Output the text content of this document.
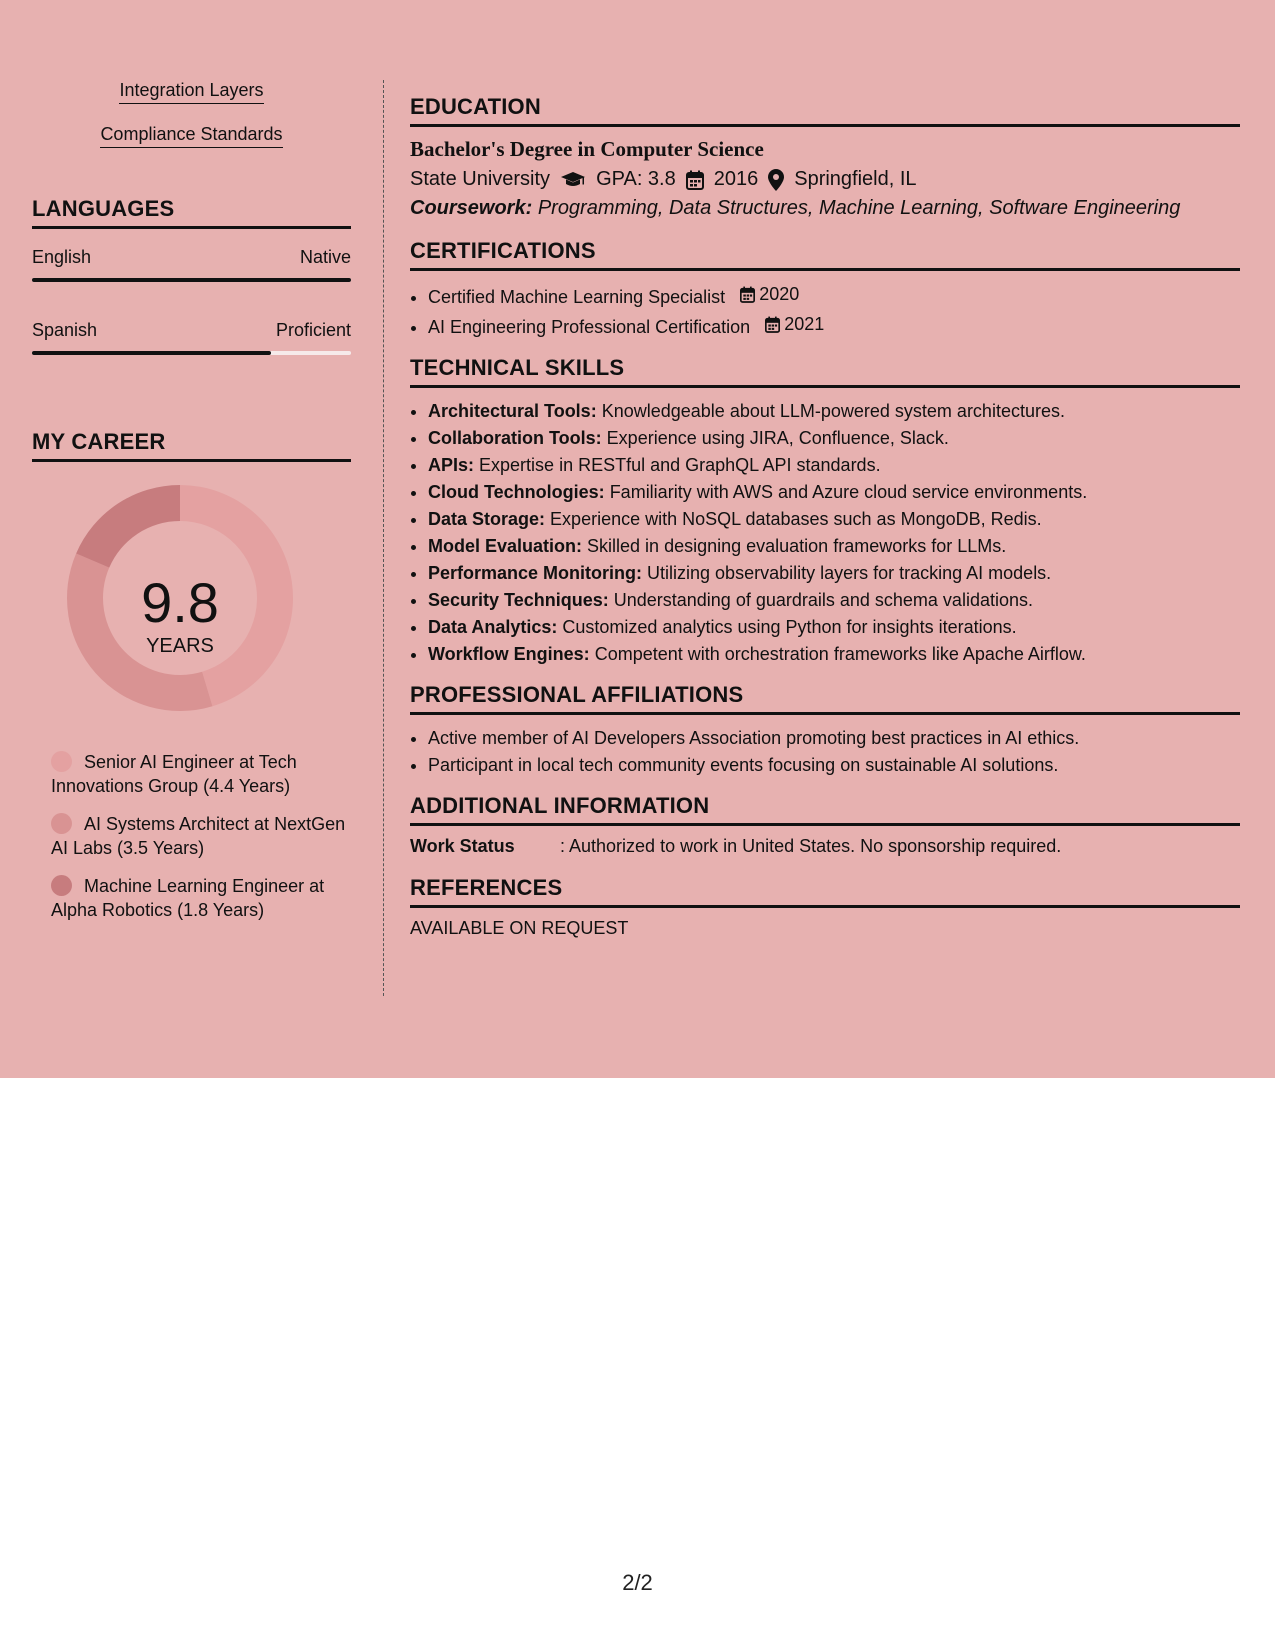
Integration Layers
Compliance Standards
LANGUAGES
English	Native
Spanish	Proficient
MY CAREER
9.8
YEARS
Senior AI Engineer at Tech Innovations Group (4.4 Years)
AI Systems Architect at NextGen AI Labs (3.5 Years)
Machine Learning Engineer at Alpha Robotics (1.8 Years)
EDUCATION
Bachelor's Degree in Computer Science
State University GPA: 3.8 2016 Springfield, IL
Coursework: Programming, Data Structures, Machine Learning, Software Engineering
CERTIFICATIONS
• Certified Machine Learning Specialist 2020
• AI Engineering Professional Certification 2021
TECHNICAL SKILLS
• Architectural Tools: Knowledgeable about LLM-powered system architectures.
• Collaboration Tools: Experience using JIRA, Confluence, Slack.
• APIs: Expertise in RESTful and GraphQL API standards.
• Cloud Technologies: Familiarity with AWS and Azure cloud service environments.
• Data Storage: Experience with NoSQL databases such as MongoDB, Redis.
• Model Evaluation: Skilled in designing evaluation frameworks for LLMs.
• Performance Monitoring: Utilizing observability layers for tracking AI models.
• Security Techniques: Understanding of guardrails and schema validations.
• Data Analytics: Customized analytics using Python for insights iterations.
• Workflow Engines: Competent with orchestration frameworks like Apache Airflow.
PROFESSIONAL AFFILIATIONS
• Active member of AI Developers Association promoting best practices in AI ethics.
• Participant in local tech community events focusing on sustainable AI solutions.
ADDITIONAL INFORMATION
Work Status	: Authorized to work in United States. No sponsorship required.
REFERENCES
AVAILABLE ON REQUEST
2/2
